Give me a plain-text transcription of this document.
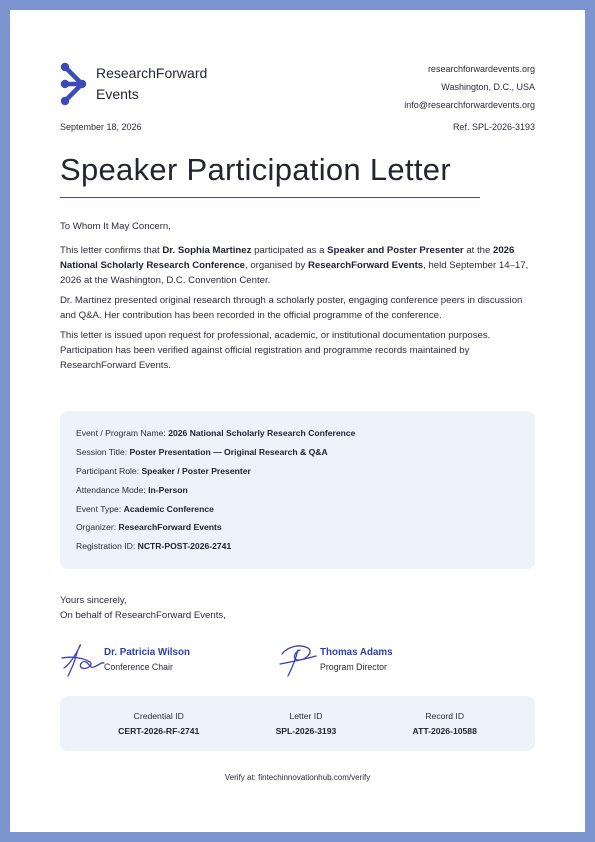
ResearchForward
Events
researchforwardevents.org
Washington, D.C., USA
info@researchforwardevents.org
September 18, 2026	Ref. SPL-2026-3193
Speaker Participation Letter

To Whom It May Concern,

This letter confirms that Dr. Sophia Martinez participated as a Speaker and Poster Presenter at the 2026 National Scholarly Research Conference, organised by ResearchForward Events, held September 14–17, 2026 at the Washington, D.C. Convention Center.

Dr. Martinez presented original research through a scholarly poster, engaging conference peers in discussion and Q&A. Her contribution has been recorded in the official programme of the conference.

This letter is issued upon request for professional, academic, or institutional documentation purposes. Participation has been verified against official registration and programme records maintained by ResearchForward Events.

Event / Program Name: 2026 National Scholarly Research Conference
Session Title: Poster Presentation — Original Research & Q&A
Participant Role: Speaker / Poster Presenter
Attendance Mode: In-Person
Event Type: Academic Conference
Organizer: ResearchForward Events
Registration ID: NCTR-POST-2026-2741
Yours sincerely,
On behalf of ResearchForward Events,
Dr. Patricia Wilson
Conference Chair
Thomas Adams
Program Director
Credential ID
CERT-2026-RF-2741
Letter ID
SPL-2026-3193
Record ID
ATT-2026-10588
Verify at: fintechinnovationhub.com/verify
